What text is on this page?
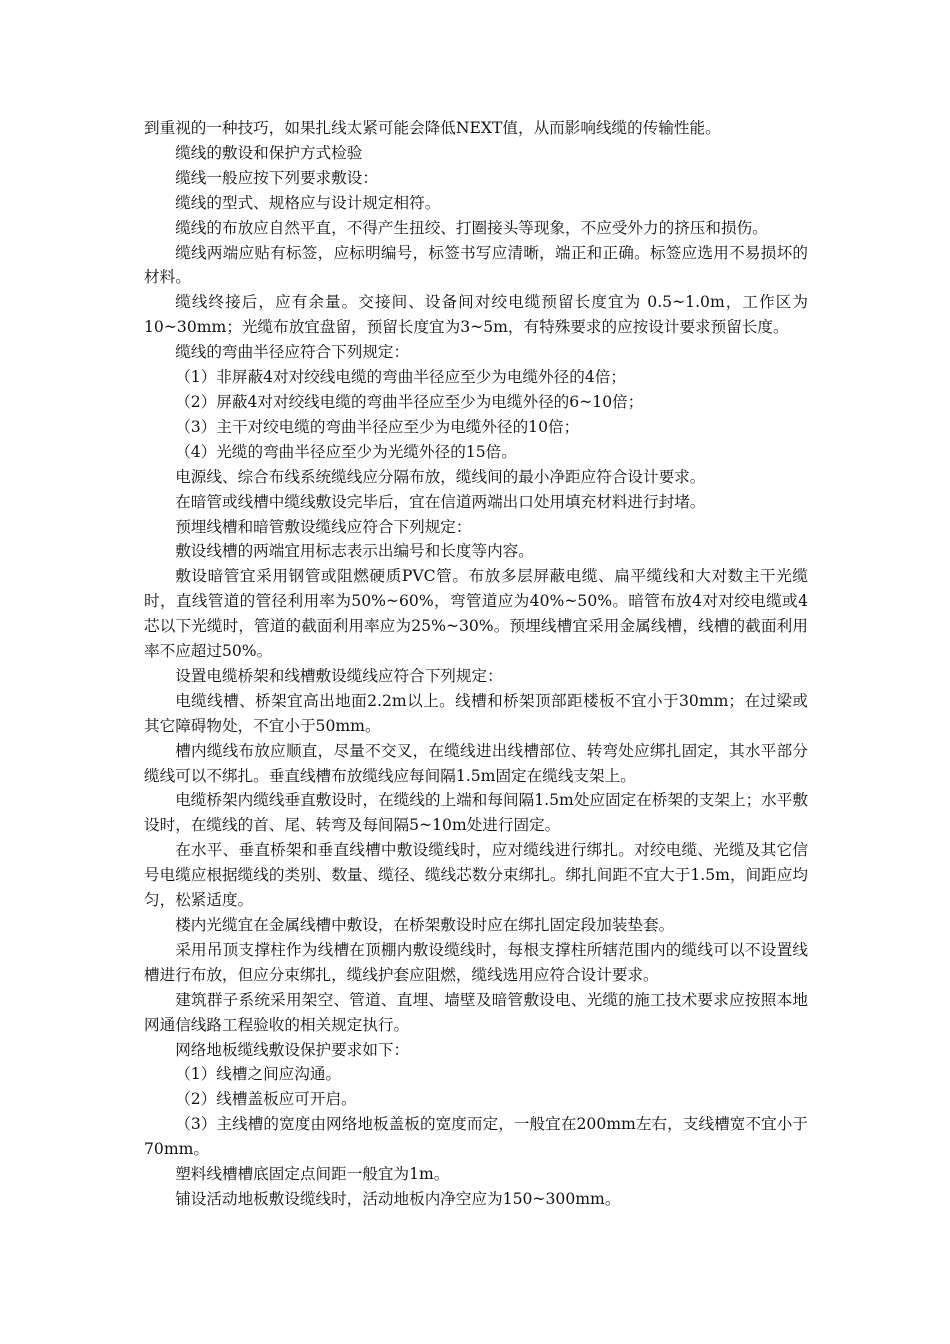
到重视的一种技巧，如果扎线太紧可能会降低NEXT值，从而影响线缆的传输性能。

缆线的敷设和保护方式检验

缆线一般应按下列要求敷设：

缆线的型式、规格应与设计规定相符。

缆线的布放应自然平直，不得产生扭绞、打圈接头等现象，不应受外力的挤压和损伤。

缆线两端应贴有标签，应标明编号，标签书写应清晰，端正和正确。标签应选用不易损坏的材料。

缆线终接后，应有余量。交接间、设备间对绞电缆预留长度宜为 0.5~1.0m，工作区为10~30mm；光缆布放宜盘留，预留长度宜为3~5m，有特殊要求的应按设计要求预留长度。

缆线的弯曲半径应符合下列规定：

（1）非屏蔽4对对绞线电缆的弯曲半径应至少为电缆外径的4倍；

（2）屏蔽4对对绞线电缆的弯曲半径应至少为电缆外径的6~10倍；

（3）主干对绞电缆的弯曲半径应至少为电缆外径的10倍；

（4）光缆的弯曲半径应至少为光缆外径的15倍。

电源线、综合布线系统缆线应分隔布放，缆线间的最小净距应符合设计要求。

在暗管或线槽中缆线敷设完毕后，宜在信道两端出口处用填充材料进行封堵。

预埋线槽和暗管敷设缆线应符合下列规定：

敷设线槽的两端宜用标志表示出编号和长度等内容。

敷设暗管宜采用钢管或阻燃硬质PVC管。布放多层屏蔽电缆、扁平缆线和大对数主干光缆时，直线管道的管径利用率为50%~60%，弯管道应为40%~50%。暗管布放4对对绞电缆或4芯以下光缆时，管道的截面利用率应为25%~30%。预埋线槽宜采用金属线槽，线槽的截面利用率不应超过50%。

设置电缆桥架和线槽敷设缆线应符合下列规定：

电缆线槽、桥架宜高出地面2.2m以上。线槽和桥架顶部距楼板不宜小于30mm；在过梁或其它障碍物处，不宜小于50mm。

槽内缆线布放应顺直，尽量不交叉，在缆线进出线槽部位、转弯处应绑扎固定，其水平部分缆线可以不绑扎。垂直线槽布放缆线应每间隔1.5m固定在缆线支架上。

电缆桥架内缆线垂直敷设时，在缆线的上端和每间隔1.5m处应固定在桥架的支架上；水平敷设时，在缆线的首、尾、转弯及每间隔5~10m处进行固定。

在水平、垂直桥架和垂直线槽中敷设缆线时，应对缆线进行绑扎。对绞电缆、光缆及其它信号电缆应根据缆线的类别、数量、缆径、缆线芯数分束绑扎。绑扎间距不宜大于1.5m，间距应均匀，松紧适度。

楼内光缆宜在金属线槽中敷设，在桥架敷设时应在绑扎固定段加装垫套。

采用吊顶支撑柱作为线槽在顶棚内敷设缆线时，每根支撑柱所辖范围内的缆线可以不设置线槽进行布放，但应分束绑扎，缆线护套应阻燃，缆线选用应符合设计要求。

建筑群子系统采用架空、管道、直埋、墙壁及暗管敷设电、光缆的施工技术要求应按照本地网通信线路工程验收的相关规定执行。

网络地板缆线敷设保护要求如下：

（1）线槽之间应沟通。

（2）线槽盖板应可开启。

（3）主线槽的宽度由网络地板盖板的宽度而定，一般宜在200mm左右，支线槽宽不宜小于70mm。

塑料线槽槽底固定点间距一般宜为1m。

铺设活动地板敷设缆线时，活动地板内净空应为150~300mm。
